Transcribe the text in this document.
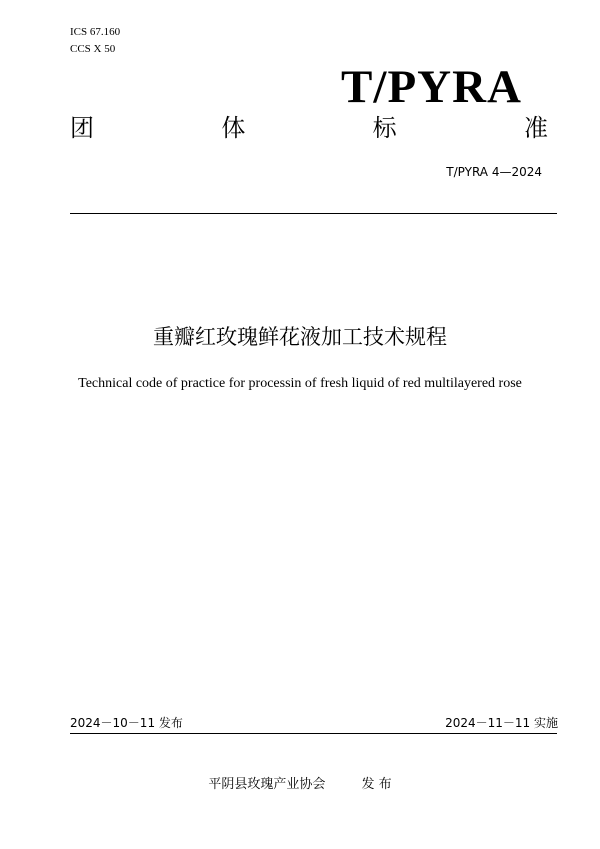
ICS 67.160
CCS X 50
T/PYRA
团	体	标	准
T/PYRA 4—2024
重瓣红玫瑰鲜花液加工技术规程
Technical code of practice for processin of fresh liquid of red multilayered rose
2024－10－11 发布	2024－11－11 实施
平阴县玫瑰产业协会	发 布
